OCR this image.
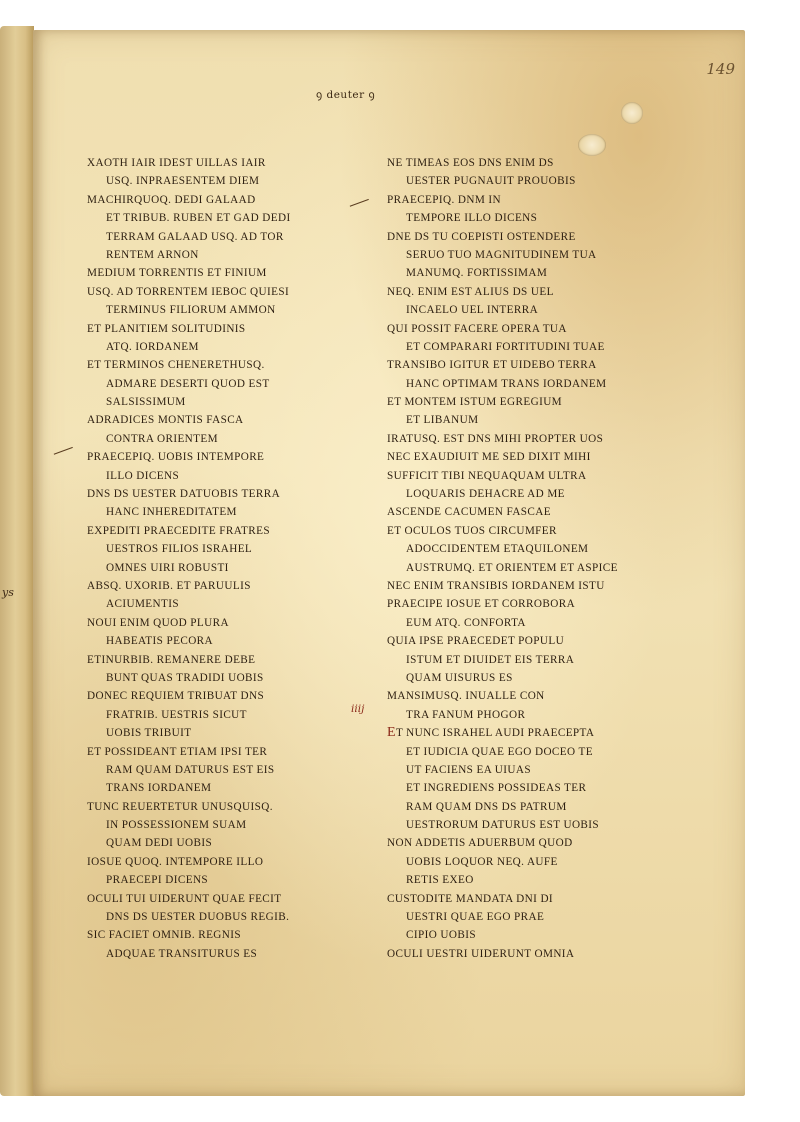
ys
149
ꝯ deuter ꝯ
XAOTH IAIR IDEST UILLAS IAIR
USQ. INPRAESENTEM DIEM
MACHIRQUOQ. DEDI GALAAD
ET TRIBUB. RUBEN ET GAD DEDI
TERRAM GALAAD USQ. AD TOR
RENTEM ARNON
MEDIUM TORRENTIS ET FINIUM
USQ. AD TORRENTEM IEBOC QUIESI
TERMINUS FILIORUM AMMON
ET PLANITIEM SOLITUDINIS
ATQ. IORDANEM
ET TERMINOS CHENERETHUSQ.
ADMARE DESERTI QUOD EST
SALSISSIMUM
ADRADICES MONTIS FASCA
CONTRA ORIENTEM
PRAECEPIQ. UOBIS INTEMPORE
ILLO DICENS
DNS DS UESTER DATUOBIS TERRA
HANC INHEREDITATEM
EXPEDITI PRAECEDITE FRATRES
UESTROS FILIOS ISRAHEL
OMNES UIRI ROBUSTI
ABSQ. UXORIB. ET PARUULIS
ACIUMENTIS
NOUI ENIM QUOD PLURA
HABEATIS PECORA
ETINURBIB. REMANERE DEBE
BUNT QUAS TRADIDI UOBIS
DONEC REQUIEM TRIBUAT DNS
FRATRIB. UESTRIS SICUT
UOBIS TRIBUIT
ET POSSIDEANT ETIAM IPSI TER
RAM QUAM DATURUS EST EIS
TRANS IORDANEM
TUNC REUERTETUR UNUSQUISQ.
IN POSSESSIONEM SUAM
QUAM DEDI UOBIS
IOSUE QUOQ. INTEMPORE ILLO
PRAECEPI DICENS
OCULI TUI UIDERUNT QUAE FECIT
DNS DS UESTER DUOBUS REGIB.
SIC FACIET OMNIB. REGNIS
ADQUAE TRANSITURUS ES
NE TIMEAS EOS DNS ENIM DS
UESTER PUGNAUIT PROUOBIS
PRAECEPIQ. DNM IN
TEMPORE ILLO DICENS
DNE DS TU COEPISTI OSTENDERE
SERUO TUO MAGNITUDINEM TUA
MANUMQ. FORTISSIMAM
NEQ. ENIM EST ALIUS DS UEL
INCAELO UEL INTERRA
QUI POSSIT FACERE OPERA TUA
ET COMPARARI FORTITUDINI TUAE
TRANSIBO IGITUR ET UIDEBO TERRA
HANC OPTIMAM TRANS IORDANEM
ET MONTEM ISTUM EGREGIUM
ET LIBANUM
IRATUSQ. EST DNS MIHI PROPTER UOS
NEC EXAUDIUIT ME SED DIXIT MIHI
SUFFICIT TIBI NEQUAQUAM ULTRA
LOQUARIS DEHACRE AD ME
ASCENDE CACUMEN FASCAE
ET OCULOS TUOS CIRCUMFER
ADOCCIDENTEM ETAQUILONEM
AUSTRUMQ. ET ORIENTEM ET ASPICE
NEC ENIM TRANSIBIS IORDANEM ISTU
PRAECIPE IOSUE ET CORROBORA
EUM ATQ. CONFORTA
QUIA IPSE PRAECEDET POPULU
ISTUM ET DIUIDET EIS TERRA
QUAM UISURUS ES
MANSIMUSQ. INUALLE CON
TRA FANUM PHOGOR
ET NUNC ISRAHEL AUDI PRAECEPTA
ET IUDICIA QUAE EGO DOCEO TE
UT FACIENS EA UIUAS
ET INGREDIENS POSSIDEAS TER
RAM QUAM DNS DS PATRUM
UESTRORUM DATURUS EST UOBIS
NON ADDETIS ADUERBUM QUOD
UOBIS LOQUOR NEQ. AUFE
RETIS EXEO
CUSTODITE MANDATA DNI DI
UESTRI QUAE EGO PRAE
CIPIO UOBIS
OCULI UESTRI UIDERUNT OMNIA
iiij
